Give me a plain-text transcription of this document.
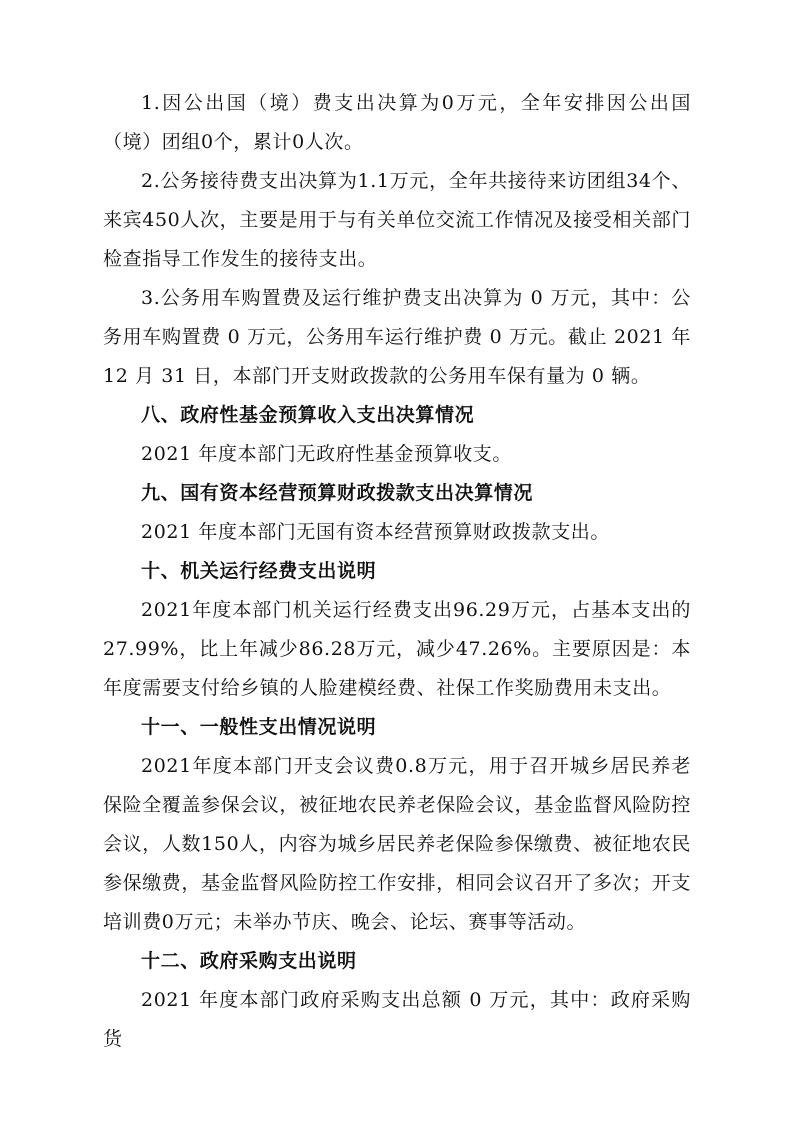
1.因公出国（境）费支出决算为0万元，全年安排因公出国（境）团组0个，累计0人次。

2.公务接待费支出决算为1.1万元，全年共接待来访团组34个、来宾450人次，主要是用于与有关单位交流工作情况及接受相关部门检查指导工作发生的接待支出。

3.公务用车购置费及运行维护费支出决算为 0 万元，其中：公务用车购置费 0 万元，公务用车运行维护费 0 万元。截止 2021 年 12 月 31 日，本部门开支财政拨款的公务用车保有量为 0 辆。

八、政府性基金预算收入支出决算情况

2021 年度本部门无政府性基金预算收支。

九、国有资本经营预算财政拨款支出决算情况

2021 年度本部门无国有资本经营预算财政拨款支出。

十、机关运行经费支出说明

2021年度本部门机关运行经费支出96.29万元，占基本支出的27.99%，比上年减少86.28万元，减少47.26%。主要原因是：本年度需要支付给乡镇的人脸建模经费、社保工作奖励费用未支出。

十一、一般性支出情况说明

2021年度本部门开支会议费0.8万元，用于召开城乡居民养老保险全覆盖参保会议，被征地农民养老保险会议，基金监督风险防控会议，人数150人，内容为城乡居民养老保险参保缴费、被征地农民参保缴费，基金监督风险防控工作安排，相同会议召开了多次；开支培训费0万元；未举办节庆、晚会、论坛、赛事等活动。

十二、政府采购支出说明

2021 年度本部门政府采购支出总额 0 万元，其中：政府采购货
